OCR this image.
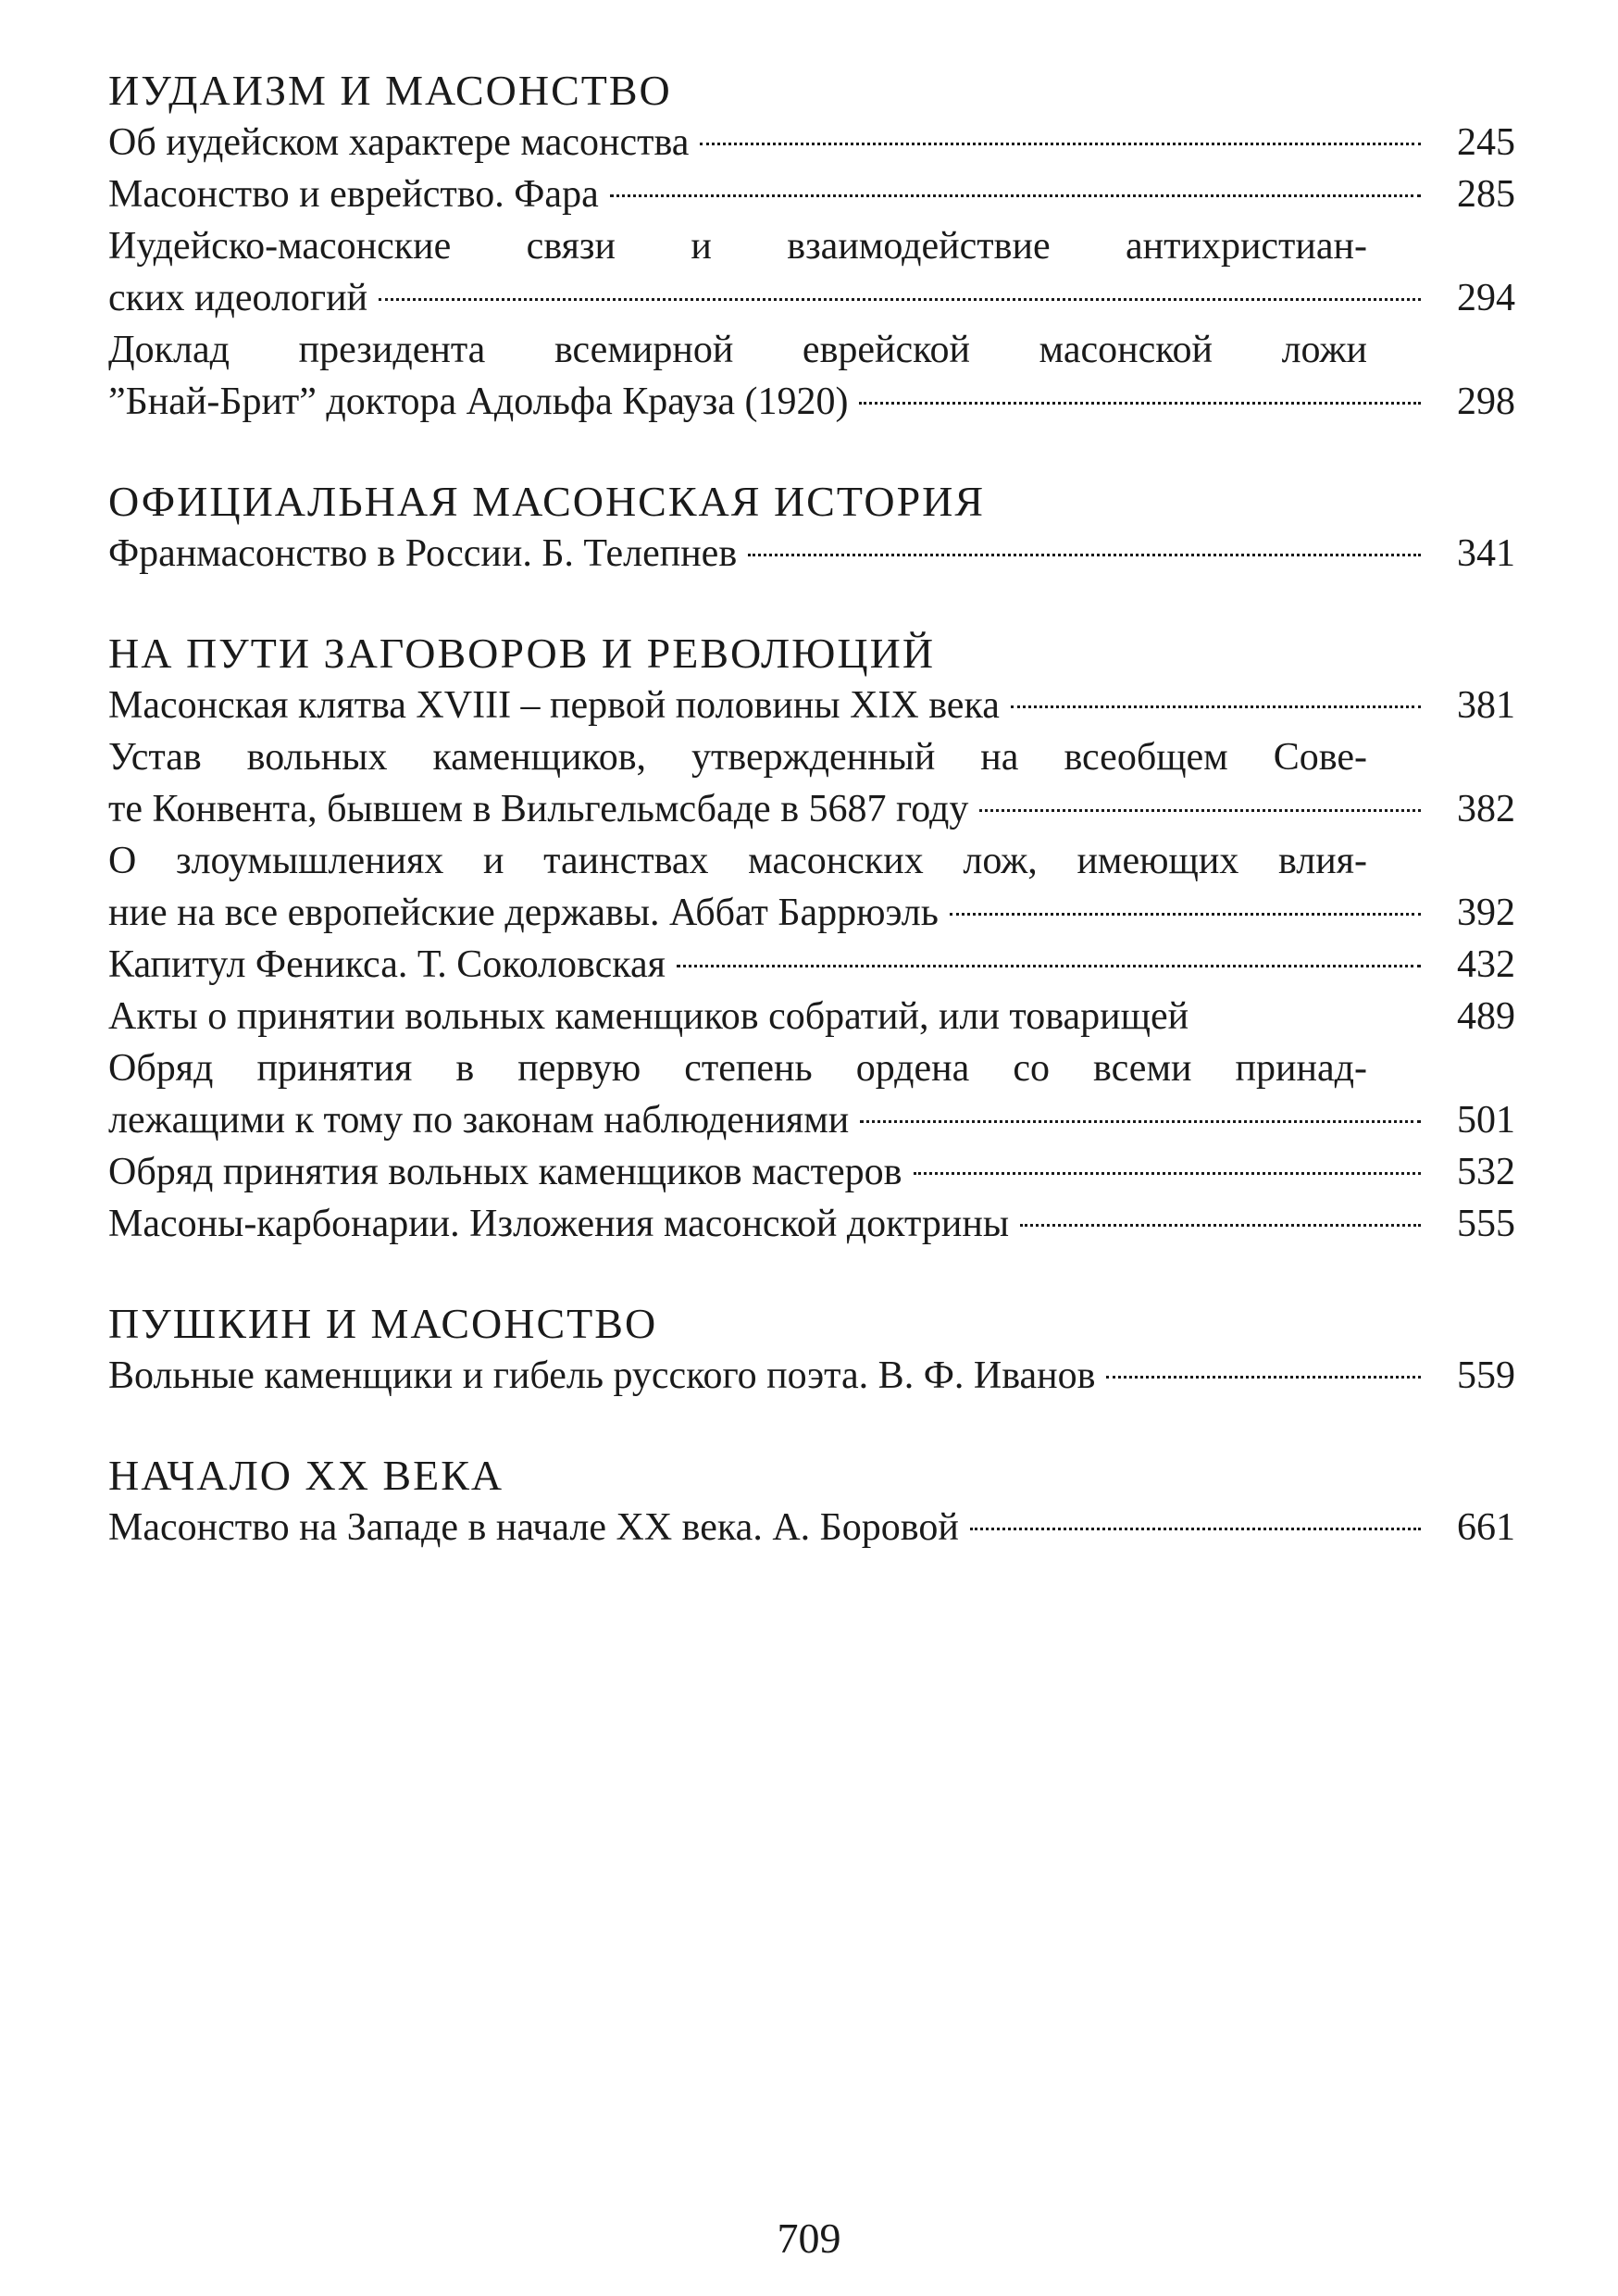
ИУДАИЗМ И МАСОНСТВО
Об иудейском характере масонства	245
Масонство и еврейство. Фара	285
Иудейско-масонские связи и взаимодействие антихристиан-
ских идеологий	294
Доклад президента всемирной еврейской масонской ложи
”Бнай-Брит” доктора Адольфа Крауза (1920)	298
ОФИЦИАЛЬНАЯ МАСОНСКАЯ ИСТОРИЯ
Франмасонство в России. Б. Телепнев	341
НА ПУТИ ЗАГОВОРОВ И РЕВОЛЮЦИЙ
Масонская клятва XVIII – первой половины XIX века	381
Устав вольных каменщиков, утвержденный на всеобщем Сове-
те Конвента, бывшем в Вильгельмсбаде в 5687 году	382
О злоумышлениях и таинствах масонских лож, имеющих влия-
ние на все европейские державы. Аббат Баррюэль	392
Капитул Феникса. Т. Соколовская	432
Акты о принятии вольных каменщиков собратий, или товарищей	489
Обряд принятия в первую степень ордена со всеми принад-
лежащими к тому по законам наблюдениями	501
Обряд принятия вольных каменщиков мастеров	532
Масоны-карбонарии. Изложения масонской доктрины	555
ПУШКИН И МАСОНСТВО
Вольные каменщики и гибель русского поэта. В. Ф. Иванов	559
НАЧАЛО XX ВЕКА
Масонство на Западе в начале XX века. А. Боровой	661
709
